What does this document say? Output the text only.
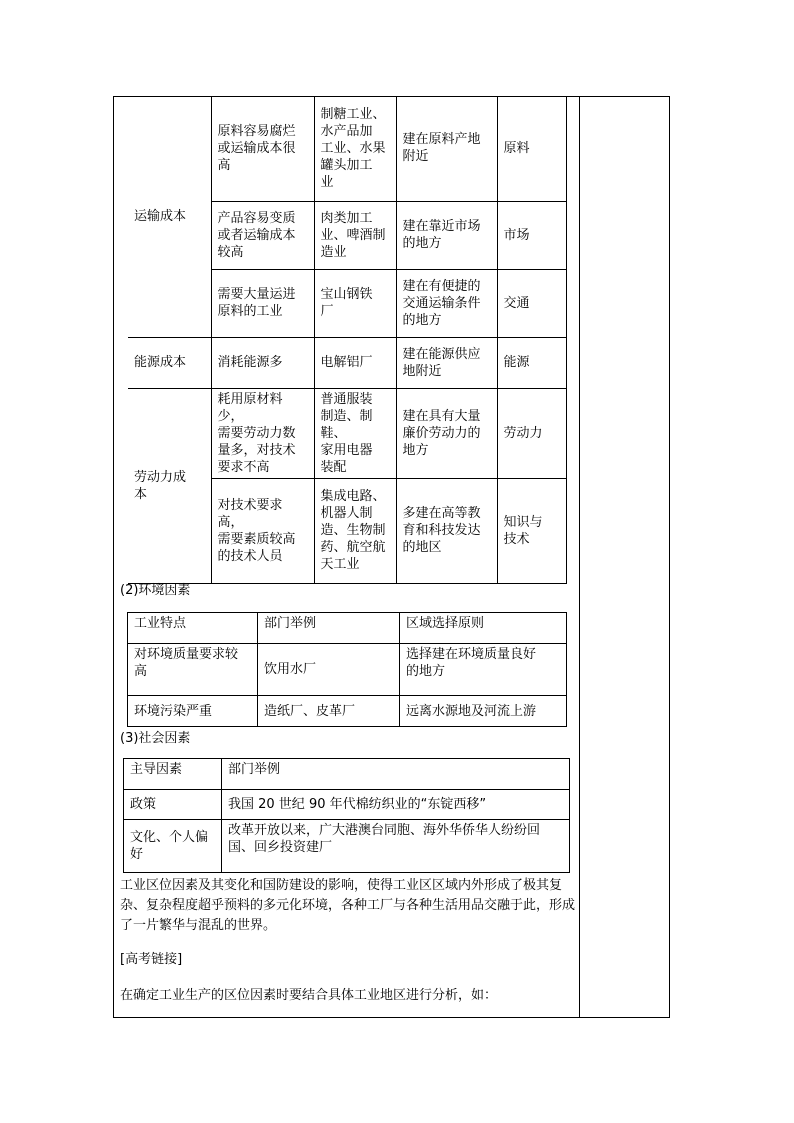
运输成本	原料容易腐烂
或运输成本很
高	制糖工业、
水产品加
工业、水果
罐头加工
业	建在原料产地
附近	原料
	产品容易变质
或者运输成本
较高	肉类加工
业、啤酒制
造业	建在靠近市场
的地方	市场
	需要大量运进
原料的工业	宝山钢铁
厂	建在有便捷的
交通运输条件
的地方	交通
能源成本	消耗能源多	电解铝厂	建在能源供应
地附近	能源
劳动力成
本	耗用原材料少，
需要劳动力数
量多，对技术
要求不高	普通服装
制造、制鞋、
家用电器
装配	建在具有大量
廉价劳动力的
地方	劳动力
	对技术要求高，
需要素质较高
的技术人员	集成电路、
机器人制
造、生物制
药、航空航
天工业	多建在高等教
育和科技发达
的地区	知识与
技术
(2)环境因素
工业特点	部门举例	区域选择原则
对环境质量要求较
高	饮用水厂	选择建在环境质量良好
的地方
环境污染严重	造纸厂、皮革厂	远离水源地及河流上游
(3)社会因素
主导因素	部门举例
政策	我国 20 世纪 90 年代棉纺织业的“东锭西移”
文化、个人偏
好	改革开放以来，广大港澳台同胞、海外华侨华人纷纷回
国、回乡投资建厂
工业区位因素及其变化和国防建设的影响，使得工业区区域内外形成了极其复杂、复杂程度超乎预料的多元化环境，各种工厂与各种生活用品交融于此，形成了一片繁华与混乱的世界。
[高考链接]
在确定工业生产的区位因素时要结合具体工业地区进行分析，如：
